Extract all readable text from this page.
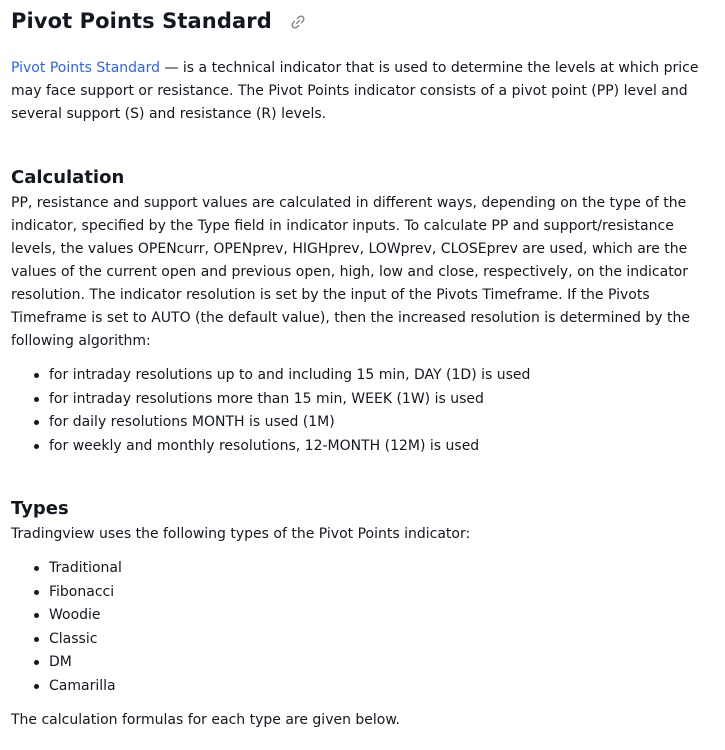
Pivot Points Standard

Pivot Points Standard — is a technical indicator that is used to determine the levels at which price

may face support or resistance. The Pivot Points indicator consists of a pivot point (PP) level and

several support (S) and resistance (R) levels.

Calculation

PP, resistance and support values are calculated in different ways, depending on the type of the

indicator, specified by the Type field in indicator inputs. To calculate PP and support/resistance

levels, the values OPENcurr, OPENprev, HIGHprev, LOWprev, CLOSEprev are used, which are the

values of the current open and previous open, high, low and close, respectively, on the indicator

resolution. The indicator resolution is set by the input of the Pivots Timeframe. If the Pivots

Timeframe is set to AUTO (the default value), then the increased resolution is determined by the

following algorithm:

for intraday resolutions up to and including 15 min, DAY (1D) is used
for intraday resolutions more than 15 min, WEEK (1W) is used
for daily resolutions MONTH is used (1M)
for weekly and monthly resolutions, 12-MONTH (12M) is used
Types

Tradingview uses the following types of the Pivot Points indicator:

Traditional
Fibonacci
Woodie
Classic
DM
Camarilla

The calculation formulas for each type are given below.
